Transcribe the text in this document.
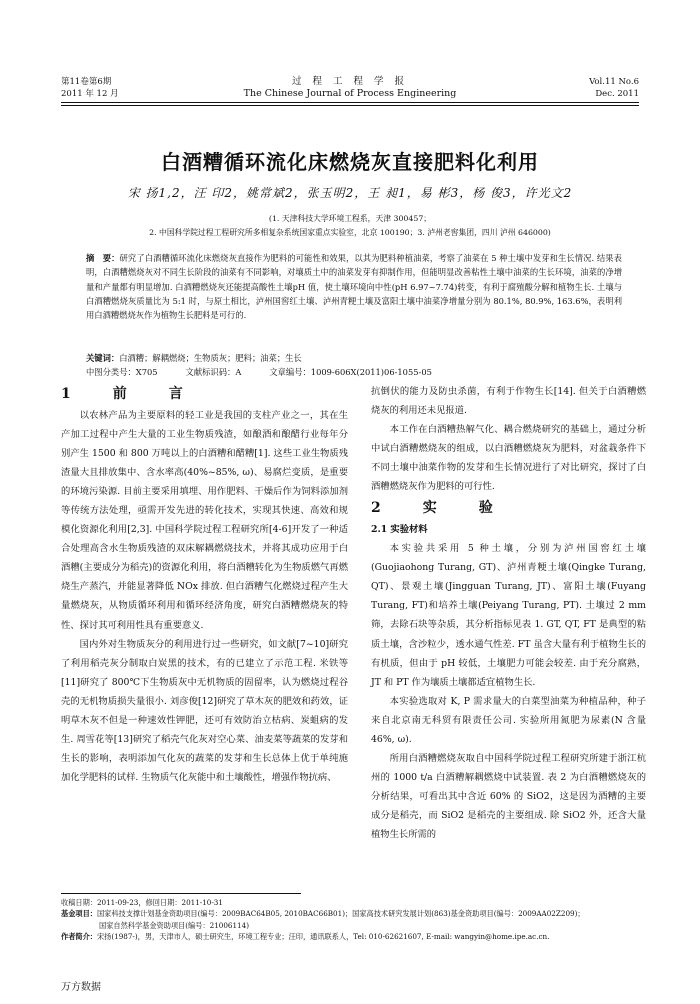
第11卷第6期
2011 年 12 月
过 程 工 程 学 报
The Chinese Journal of Process Engineering
Vol.11 No.6
Dec. 2011
白酒糟循环流化床燃烧灰直接肥料化利用
宋 扬1,2，汪 印2，姚常斌2，张玉明2，王 昶1，易 彬3，杨 俊3，许光文2
(1. 天津科技大学环境工程系，天津 300457；
2. 中国科学院过程工程研究所多相复杂系统国家重点实验室，北京 100190；3. 泸州老窖集团，四川 泸州 646000)
摘　要：研究了白酒糟循环流化床燃烧灰直接作为肥料的可能性和效果，以其为肥料种植油菜，考察了油菜在 5 种土壤中发芽和生长情况. 结果表明，白酒糟燃烧灰对不同生长阶段的油菜有不同影响，对壤质土中的油菜发芽有抑制作用，但能明显改善粘性土壤中油菜的生长环境，油菜的净增量和产量都有明显增加. 白酒糟燃烧灰还能提高酸性土壤pH 值，使土壤环境向中性(pH 6.97~7.74)转变，有利于腐殖酸分解和植物生长. 土壤与白酒糟燃烧灰质量比为 5:1 时，与原土相比，泸州国窖红土壤、泸州青粳土壤及富阳土壤中油菜净增量分别为 80.1%, 80.9%, 163.6%，表明利用白酒糟燃烧灰作为植物生长肥料是可行的.
关键词：白酒糟；解耦燃烧；生物质灰；肥料；油菜；生长
中图分类号：X705	文献标识码：A	文章编号：1009-606X(2011)06-1055-05
1　前　言

以农林产品为主要原料的轻工业是我国的支柱产业之一，其在生产加工过程中产生大量的工业生物质残渣，如酿酒和酿醋行业每年分别产生 1500 和 800 万吨以上的白酒糟和醋糟[1]. 这些工业生物质残渣量大且排放集中、含水率高(40%~85%, ω)、易腐烂变质，是重要的环境污染源. 目前主要采用填埋、用作肥料、干燥后作为饲料添加剂等传统方法处理，亟需开发先进的转化技术，实现其快速、高效和规模化资源化利用[2,3]. 中国科学院过程工程研究所[4-6]开发了一种适合处理高含水生物质残渣的双床解耦燃烧技术，并将其成功应用于白酒糟(主要成分为稻壳)的资源化利用，将白酒糟转化为生物质燃气再燃烧生产蒸汽，并能显著降低 NOx 排放. 但白酒糟气化燃烧过程产生大量燃烧灰，从物质循环利用和循环经济角度，研究白酒糟燃烧灰的特性、探讨其可利用性具有重要意义.

国内外对生物质灰分的利用进行过一些研究，如文献[7~10]研究了利用稻壳灰分制取白炭黑的技术，有的已建立了示范工程. 米铁等[11]研究了 800℃下生物质灰中无机物质的固留率，认为燃烧过程谷壳的无机物质损失量很小. 刘彦俊[12]研究了草木灰的肥效和药效，证明草木灰不但是一种速效性钾肥，还可有效防治立枯病、炭蛆病的发生. 周雪花等[13]研究了稻壳气化灰对空心菜、油麦菜等蔬菜的发芽和生长的影响，表明添加气化灰的蔬菜的发芽和生长总体上优于单纯施加化学肥料的试样. 生物质气化灰能中和土壤酸性，增强作物抗病、

抗倒伏的能力及防虫杀菌，有利于作物生长[14]. 但关于白酒糟燃烧灰的利用还未见报道.

本工作在白酒糟热解气化、耦合燃烧研究的基础上，通过分析中试白酒糟燃烧灰的组成，以白酒糟燃烧灰为肥料，对盆栽条件下不同土壤中油菜作物的发芽和生长情况进行了对比研究，探讨了白酒糟燃烧灰作为肥料的可行性.

2　实　验
2.1 实验材料

本实验共采用 5 种土壤，分别为泸州国窖红土壤(Guojiaohong Turang, GT)、泸州青粳土壤(Qingke Turang, QT)、景观土壤(Jingguan Turang, JT)、富阳土壤(Fuyang Turang, FT)和培养土壤(Peiyang Turang, PT). 土壤过 2 mm 筛，去除石块等杂质，其分析指标见表 1. GT, QT, FT 是典型的粘质土壤，含沙粒少，透水通气性差. FT 虽含大量有利于植物生长的有机质，但由于 pH 较低，土壤肥力可能会较差. 由于充分腐熟，JT 和 PT 作为壤质土壤都适宜植物生长.

本实验选取对 K, P 需求量大的白菜型油菜为种植品种，种子来自北京南无科贸有限责任公司. 实验所用氮肥为尿素(N 含量 46%, ω).

所用白酒糟燃烧灰取自中国科学院过程工程研究所建于浙江杭州的 1000 t/a 白酒糟解耦燃烧中试装置. 表 2 为白酒糟燃烧灰的分析结果，可看出其中含近 60% 的 SiO2，这是因为酒糟的主要成分是稻壳，而 SiO2 是稻壳的主要组成. 除 SiO2 外，还含大量植物生长所需的

收稿日期：2011-09-23，修回日期：2011-10-31
基金项目：国家科技支撑计划基金资助项目(编号：2009BAC64B05, 2010BAC66B01)；国家高技术研究发展计划(863)基金资助项目(编号：2009AA02Z209)；
国家自然科学基金资助项目(编号：21006114)
作者简介：宋扬(1987-)，男，天津市人，硕士研究生，环境工程专业；汪印，通讯联系人，Tel: 010-62621607, E-mail: wangyin@home.ipe.ac.cn.
万方数据
